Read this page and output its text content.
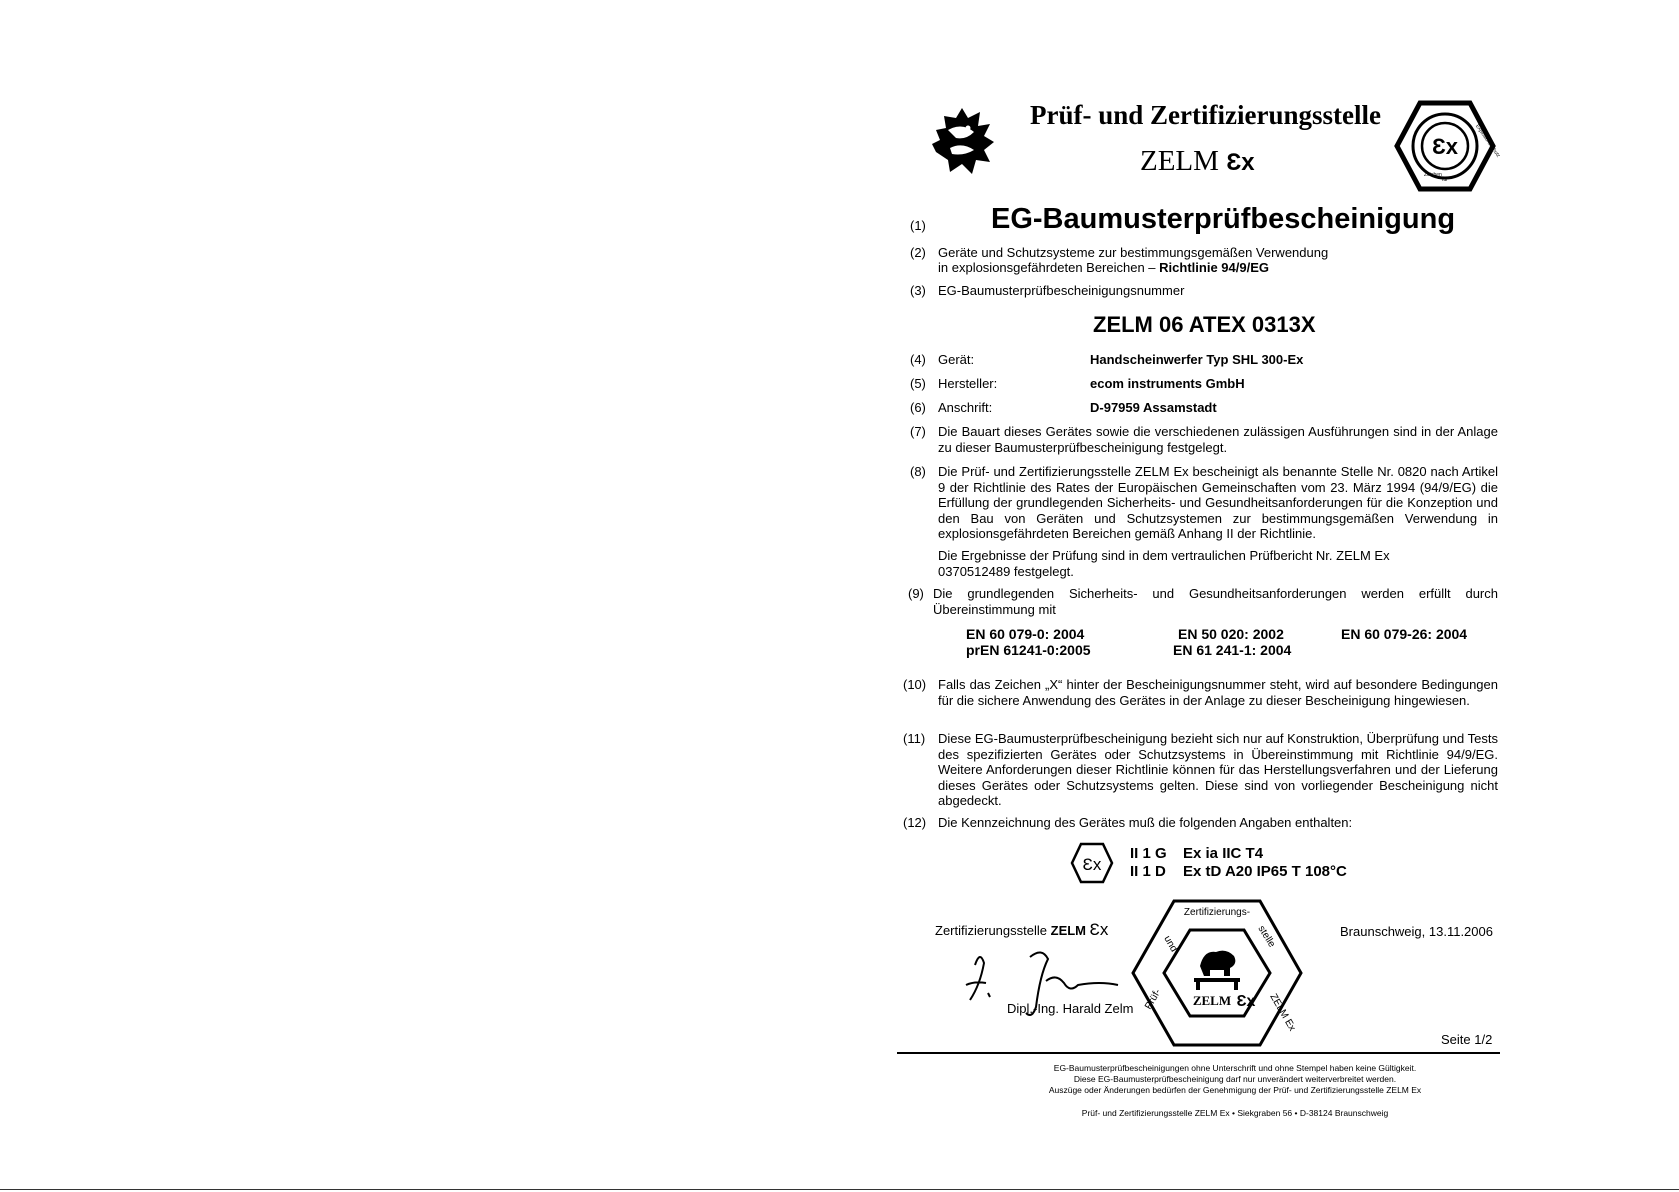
Prüf- und Zertifizierungsstelle
ZELM Ɛx
Ɛx
Zeichen
für
Explosionsschutz
(1) EG-Baumusterprüfbescheinigung
(2) Geräte und Schutzsysteme zur bestimmungsgemäßen Verwendung
in explosionsgefährdeten Bereichen – Richtlinie 94/9/EG
(3) EG-Baumusterprüfbescheinigungsnummer
ZELM 06 ATEX 0313X
(4) Gerät:	Handscheinwerfer Typ SHL 300-Ex
(5) Hersteller:	ecom instruments GmbH
(6) Anschrift:	D-97959 Assamstadt
(7) Die Bauart dieses Gerätes sowie die verschiedenen zulässigen Ausführungen sind in der Anlage zu dieser Baumusterprüfbescheinigung festgelegt.
(8) Die Prüf- und Zertifizierungsstelle ZELM Ex bescheinigt als benannte Stelle Nr. 0820 nach Artikel 9 der Richtlinie des Rates der Europäischen Gemeinschaften vom 23. März 1994 (94/9/EG) die Erfüllung der grundlegenden Sicherheits- und Gesundheitsanforderungen für die Konzeption und den Bau von Geräten und Schutzsystemen zur bestimmungsgemäßen Verwendung in explosionsgefährdeten Bereichen gemäß Anhang II der Richtlinie.
Die Ergebnisse der Prüfung sind in dem vertraulichen Prüfbericht Nr. ZELM Ex 0370512489 festgelegt.
(9) Die grundlegenden Sicherheits- und Gesundheitsanforderungen werden erfüllt durch Übereinstimmung mit
EN 60 079-0: 2004	EN 50 020: 2002	EN 60 079-26: 2004
prEN 61241-0:2005	EN 61 241-1: 2004
(10) Falls das Zeichen „X“ hinter der Bescheinigungsnummer steht, wird auf besondere Bedingungen für die sichere Anwendung des Gerätes in der Anlage zu dieser Bescheinigung hingewiesen.
(11) Diese EG-Baumusterprüfbescheinigung bezieht sich nur auf Konstruktion, Überprüfung und Tests des spezifizierten Gerätes oder Schutzsystems in Übereinstimmung mit Richtlinie 94/9/EG. Weitere Anforderungen dieser Richtlinie können für das Herstellungsverfahren und der Lieferung dieses Gerätes oder Schutzsystems gelten. Diese sind von vorliegender Bescheinigung nicht abgedeckt.
(12) Die Kennzeichnung des Gerätes muß die folgenden Angaben enthalten:
Ɛx
II 1 G Ex ia IIC T4
II 1 D Ex tD A20 IP65 T 108°C
Zertifizierungsstelle ZELM Ɛx
Dipl.-Ing. Harald Zelm
Zertifizierungs-
und	stelle
Prüf-	ZELM Ex
ZELM Ɛx
Braunschweig, 13.11.2006
Seite 1/2
EG-Baumusterprüfbescheinigungen ohne Unterschrift und ohne Stempel haben keine Gültigkeit.
Diese EG-Baumusterprüfbescheinigung darf nur unverändert weiterverbreitet werden.
Auszüge oder Änderungen bedürfen der Genehmigung der Prüf- und Zertifizierungsstelle ZELM Ex
Prüf- und Zertifizierungsstelle ZELM Ex • Siekgraben 56 • D-38124 Braunschweig
